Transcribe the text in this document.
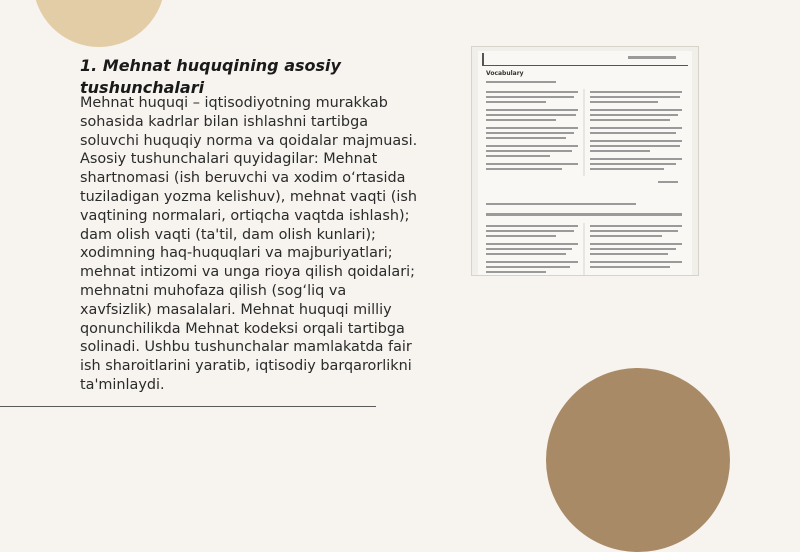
1. Mehnat huquqining asosiy tushunchalari

Mehnat huquqi – iqtisodiyotning murakkab sohasida kadrlar bilan ishlashni tartibga soluvchi huquqiy norma va qoidalar majmuasi. Asosiy tushunchalari quyidagilar: Mehnat shartnomasi (ish beruvchi va xodim o‘rtasida tuziladigan yozma kelishuv), mehnat vaqti (ish vaqtining normalari, ortiqcha vaqtda ishlash); dam olish vaqti (ta'til, dam olish kunlari); xodimning haq-huquqlari va majburiyatlari; mehnat intizomi va unga rioya qilish qoidalari; mehnatni muhofaza qilish (sog‘liq va xavfsizlik) masalalari. Mehnat huquqi milliy qonunchilikda Mehnat kodeksi orqali tartibga solinadi. Ushbu tushunchalar mamlakatda fair ish sharoitlarini yaratib, iqtisodiy barqarorlikni ta'minlaydi.

Vocabulary
